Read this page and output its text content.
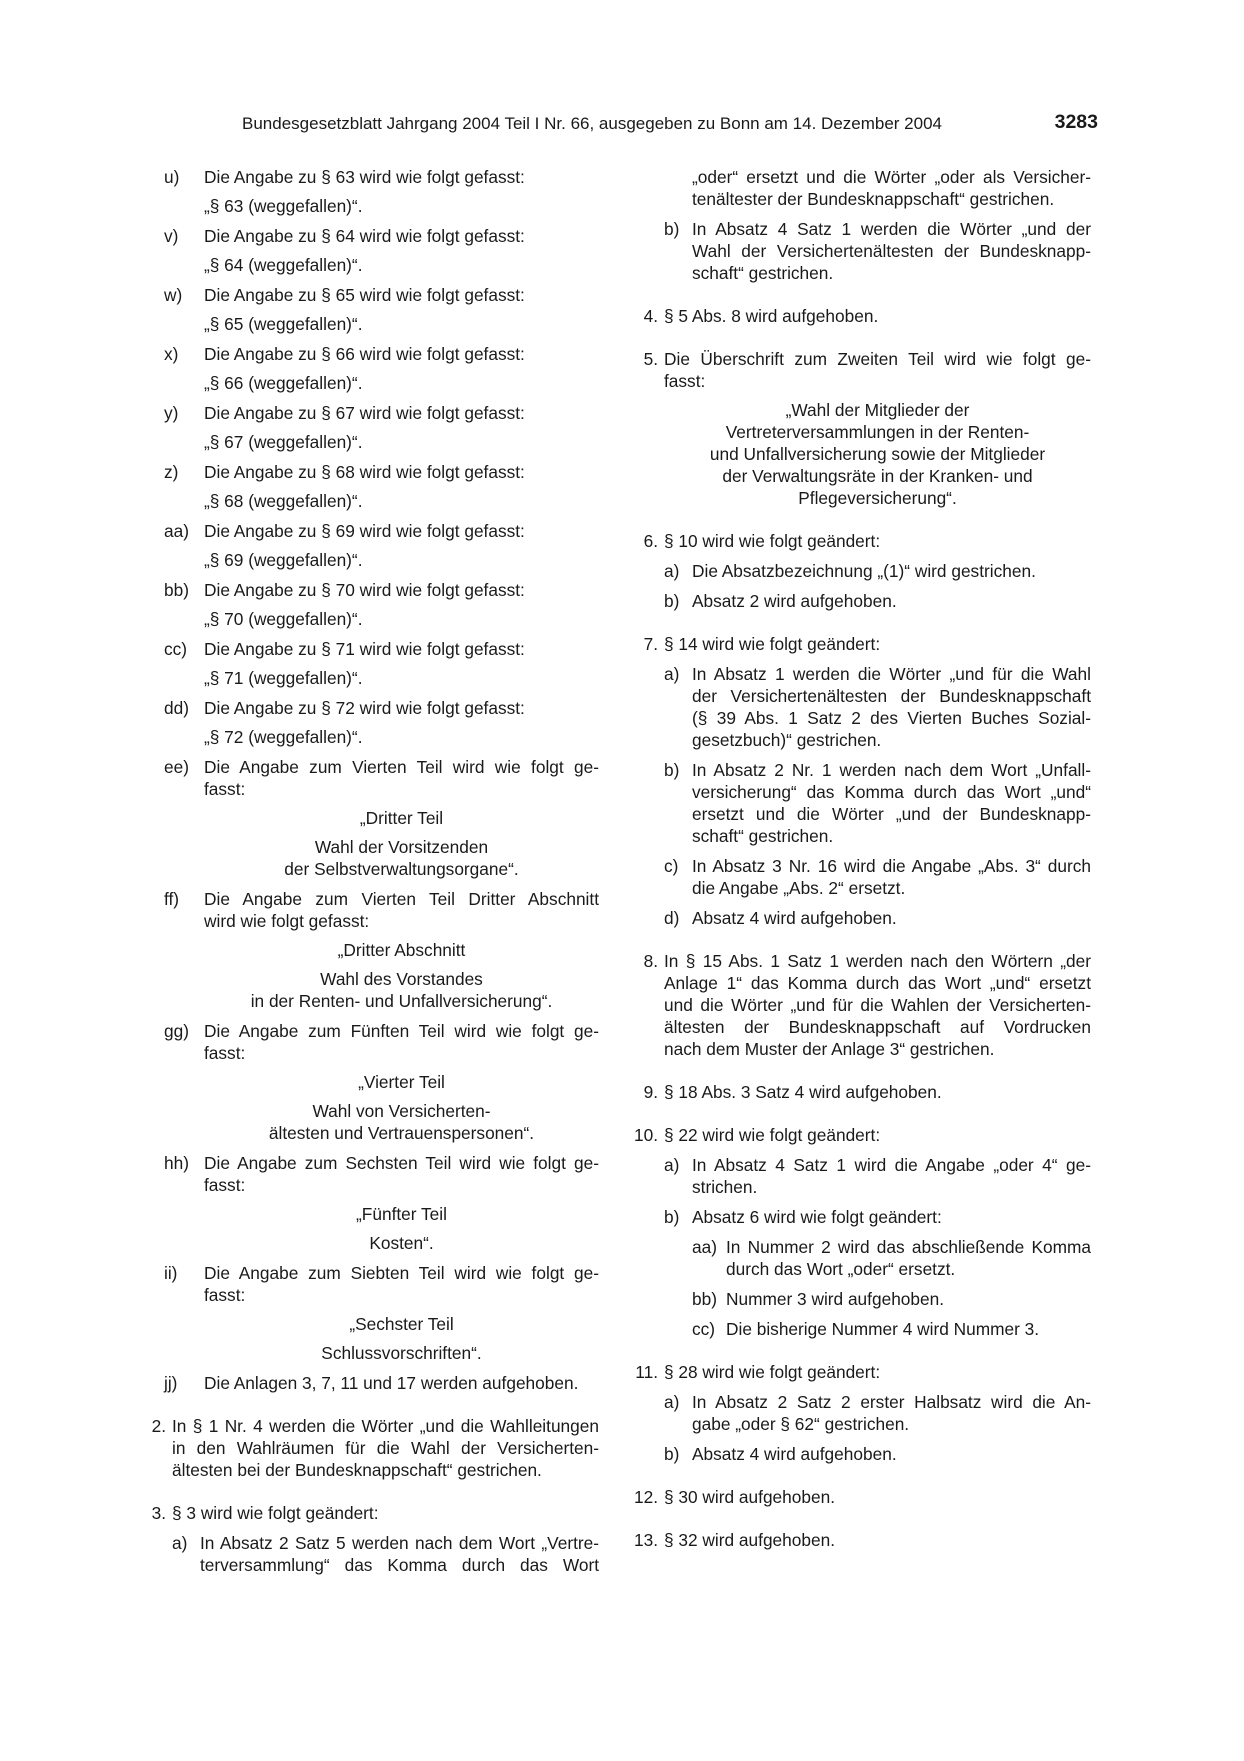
Bundesgesetzblatt Jahrgang 2004 Teil I Nr. 66, ausgegeben zu Bonn am 14. Dezember 2004	3283
u) Die Angabe zu § 63 wird wie folgt gefasst:
„§ 63 (weggefallen)“.
v) Die Angabe zu § 64 wird wie folgt gefasst:
„§ 64 (weggefallen)“.
w) Die Angabe zu § 65 wird wie folgt gefasst:
„§ 65 (weggefallen)“.
x) Die Angabe zu § 66 wird wie folgt gefasst:
„§ 66 (weggefallen)“.
y) Die Angabe zu § 67 wird wie folgt gefasst:
„§ 67 (weggefallen)“.
z) Die Angabe zu § 68 wird wie folgt gefasst:
„§ 68 (weggefallen)“.
aa) Die Angabe zu § 69 wird wie folgt gefasst:
„§ 69 (weggefallen)“.
bb) Die Angabe zu § 70 wird wie folgt gefasst:
„§ 70 (weggefallen)“.
cc) Die Angabe zu § 71 wird wie folgt gefasst:
„§ 71 (weggefallen)“.
dd) Die Angabe zu § 72 wird wie folgt gefasst:
„§ 72 (weggefallen)“.
ee) Die Angabe zum Vierten Teil wird wie folgt ge-
fasst:
„Dritter Teil
Wahl der Vorsitzenden
der Selbstverwaltungsorgane“.
ff) Die Angabe zum Vierten Teil Dritter Abschnitt
wird wie folgt gefasst:
„Dritter Abschnitt
Wahl des Vorstandes
in der Renten- und Unfallversicherung“.
gg) Die Angabe zum Fünften Teil wird wie folgt ge-
fasst:
„Vierter Teil
Wahl von Versicherten-
ältesten und Vertrauenspersonen“.
hh) Die Angabe zum Sechsten Teil wird wie folgt ge-
fasst:
„Fünfter Teil
Kosten“.
ii) Die Angabe zum Siebten Teil wird wie folgt ge-
fasst:
„Sechster Teil
Schlussvorschriften“.
jj) Die Anlagen 3, 7, 11 und 17 werden aufgehoben.
2. In § 1 Nr. 4 werden die Wörter „und die Wahlleitungen
in den Wahlräumen für die Wahl der Versicherten-
ältesten bei der Bundesknappschaft“ gestrichen.
3. § 3 wird wie folgt geändert:
a) In Absatz 2 Satz 5 werden nach dem Wort „Vertre-
terversammlung“ das Komma durch das Wort
„oder“ ersetzt und die Wörter „oder als Versicher-
tenältester der Bundesknappschaft“ gestrichen.
b) In Absatz 4 Satz 1 werden die Wörter „und der
Wahl der Versichertenältesten der Bundesknapp-
schaft“ gestrichen.
4. § 5 Abs. 8 wird aufgehoben.
5. Die Überschrift zum Zweiten Teil wird wie folgt ge-
fasst:
„Wahl der Mitglieder der
Vertreterversammlungen in der Renten-
und Unfallversicherung sowie der Mitglieder
der Verwaltungsräte in der Kranken- und
Pflegeversicherung“.
6. § 10 wird wie folgt geändert:
a) Die Absatzbezeichnung „(1)“ wird gestrichen.
b) Absatz 2 wird aufgehoben.
7. § 14 wird wie folgt geändert:
a) In Absatz 1 werden die Wörter „und für die Wahl
der Versichertenältesten der Bundesknappschaft
(§ 39 Abs. 1 Satz 2 des Vierten Buches Sozial-
gesetzbuch)“ gestrichen.
b) In Absatz 2 Nr. 1 werden nach dem Wort „Unfall-
versicherung“ das Komma durch das Wort „und“
ersetzt und die Wörter „und der Bundesknapp-
schaft“ gestrichen.
c) In Absatz 3 Nr. 16 wird die Angabe „Abs. 3“ durch
die Angabe „Abs. 2“ ersetzt.
d) Absatz 4 wird aufgehoben.
8. In § 15 Abs. 1 Satz 1 werden nach den Wörtern „der
Anlage 1“ das Komma durch das Wort „und“ ersetzt
und die Wörter „und für die Wahlen der Versicherten-
ältesten der Bundesknappschaft auf Vordrucken
nach dem Muster der Anlage 3“ gestrichen.
9. § 18 Abs. 3 Satz 4 wird aufgehoben.
10. § 22 wird wie folgt geändert:
a) In Absatz 4 Satz 1 wird die Angabe „oder 4“ ge-
strichen.
b) Absatz 6 wird wie folgt geändert:
aa) In Nummer 2 wird das abschließende Komma
durch das Wort „oder“ ersetzt.
bb) Nummer 3 wird aufgehoben.
cc) Die bisherige Nummer 4 wird Nummer 3.
11. § 28 wird wie folgt geändert:
a) In Absatz 2 Satz 2 erster Halbsatz wird die An-
gabe „oder § 62“ gestrichen.
b) Absatz 4 wird aufgehoben.
12. § 30 wird aufgehoben.
13. § 32 wird aufgehoben.
